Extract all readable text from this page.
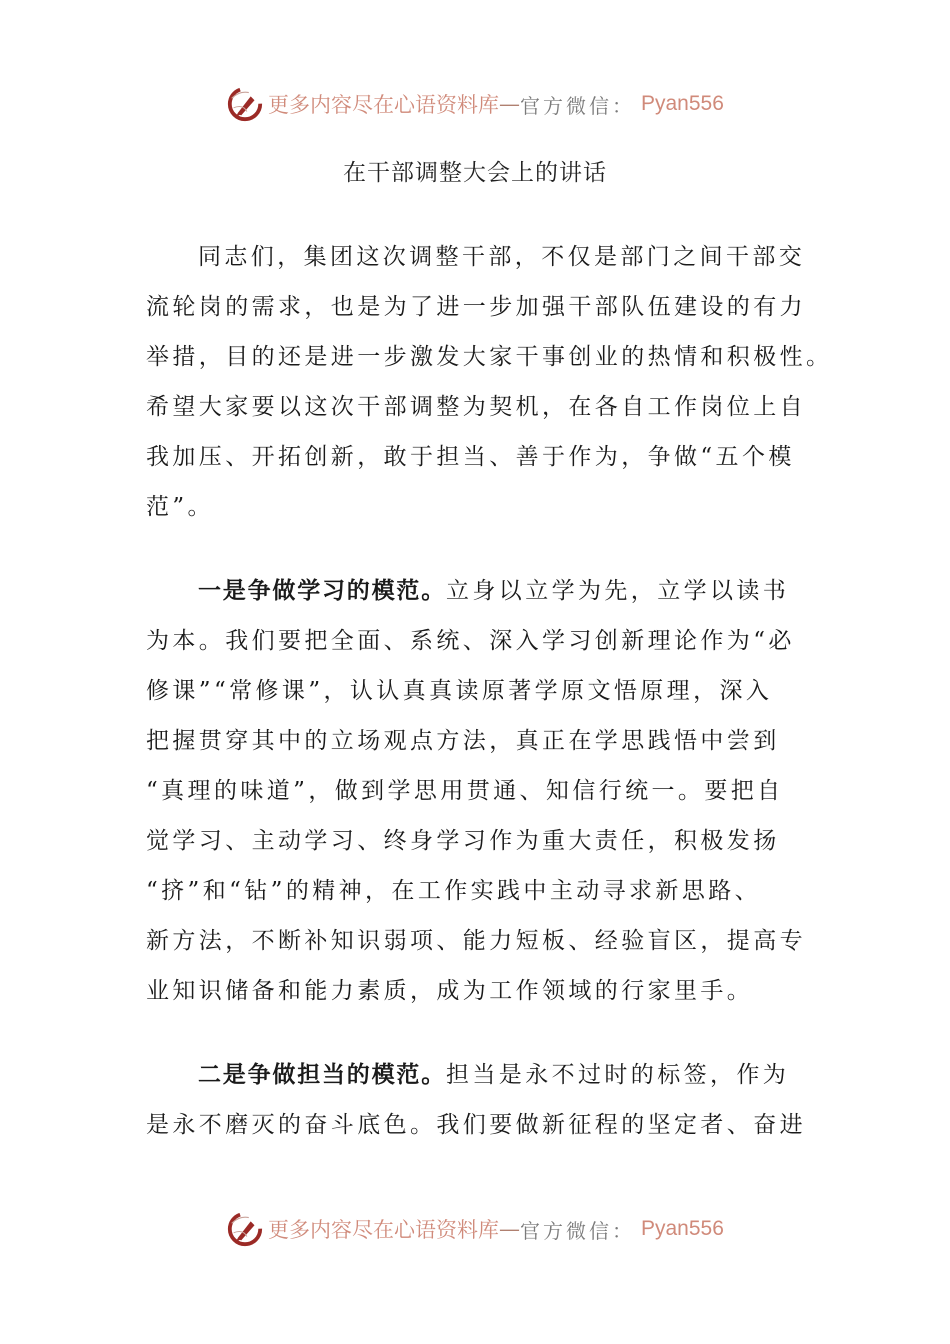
更多内容尽在心语资料库 — 官方微信： Pyan556
在干部调整大会上的讲话
同志们，集团这次调整干部，不仅是部门之间干部交
流轮岗的需求，也是为了进一步加强干部队伍建设的有力
举措，目的还是进一步激发大家干事创业的热情和积极性。
希望大家要以这次干部调整为契机，在各自工作岗位上自
我加压、开拓创新，敢于担当、善于作为，争做“五个模
范”。
一是争做学习的模范。立身以立学为先，立学以读书
为本。我们要把全面、系统、深入学习创新理论作为“必
修课”“常修课”，认认真真读原著学原文悟原理，深入
把握贯穿其中的立场观点方法，真正在学思践悟中尝到
“真理的味道”，做到学思用贯通、知信行统一。要把自
觉学习、主动学习、终身学习作为重大责任，积极发扬
“挤”和“钻”的精神，在工作实践中主动寻求新思路、
新方法，不断补知识弱项、能力短板、经验盲区，提高专
业知识储备和能力素质，成为工作领域的行家里手。
二是争做担当的模范。担当是永不过时的标签，作为
是永不磨灭的奋斗底色。我们要做新征程的坚定者、奋进
更多内容尽在心语资料库 — 官方微信： Pyan556
